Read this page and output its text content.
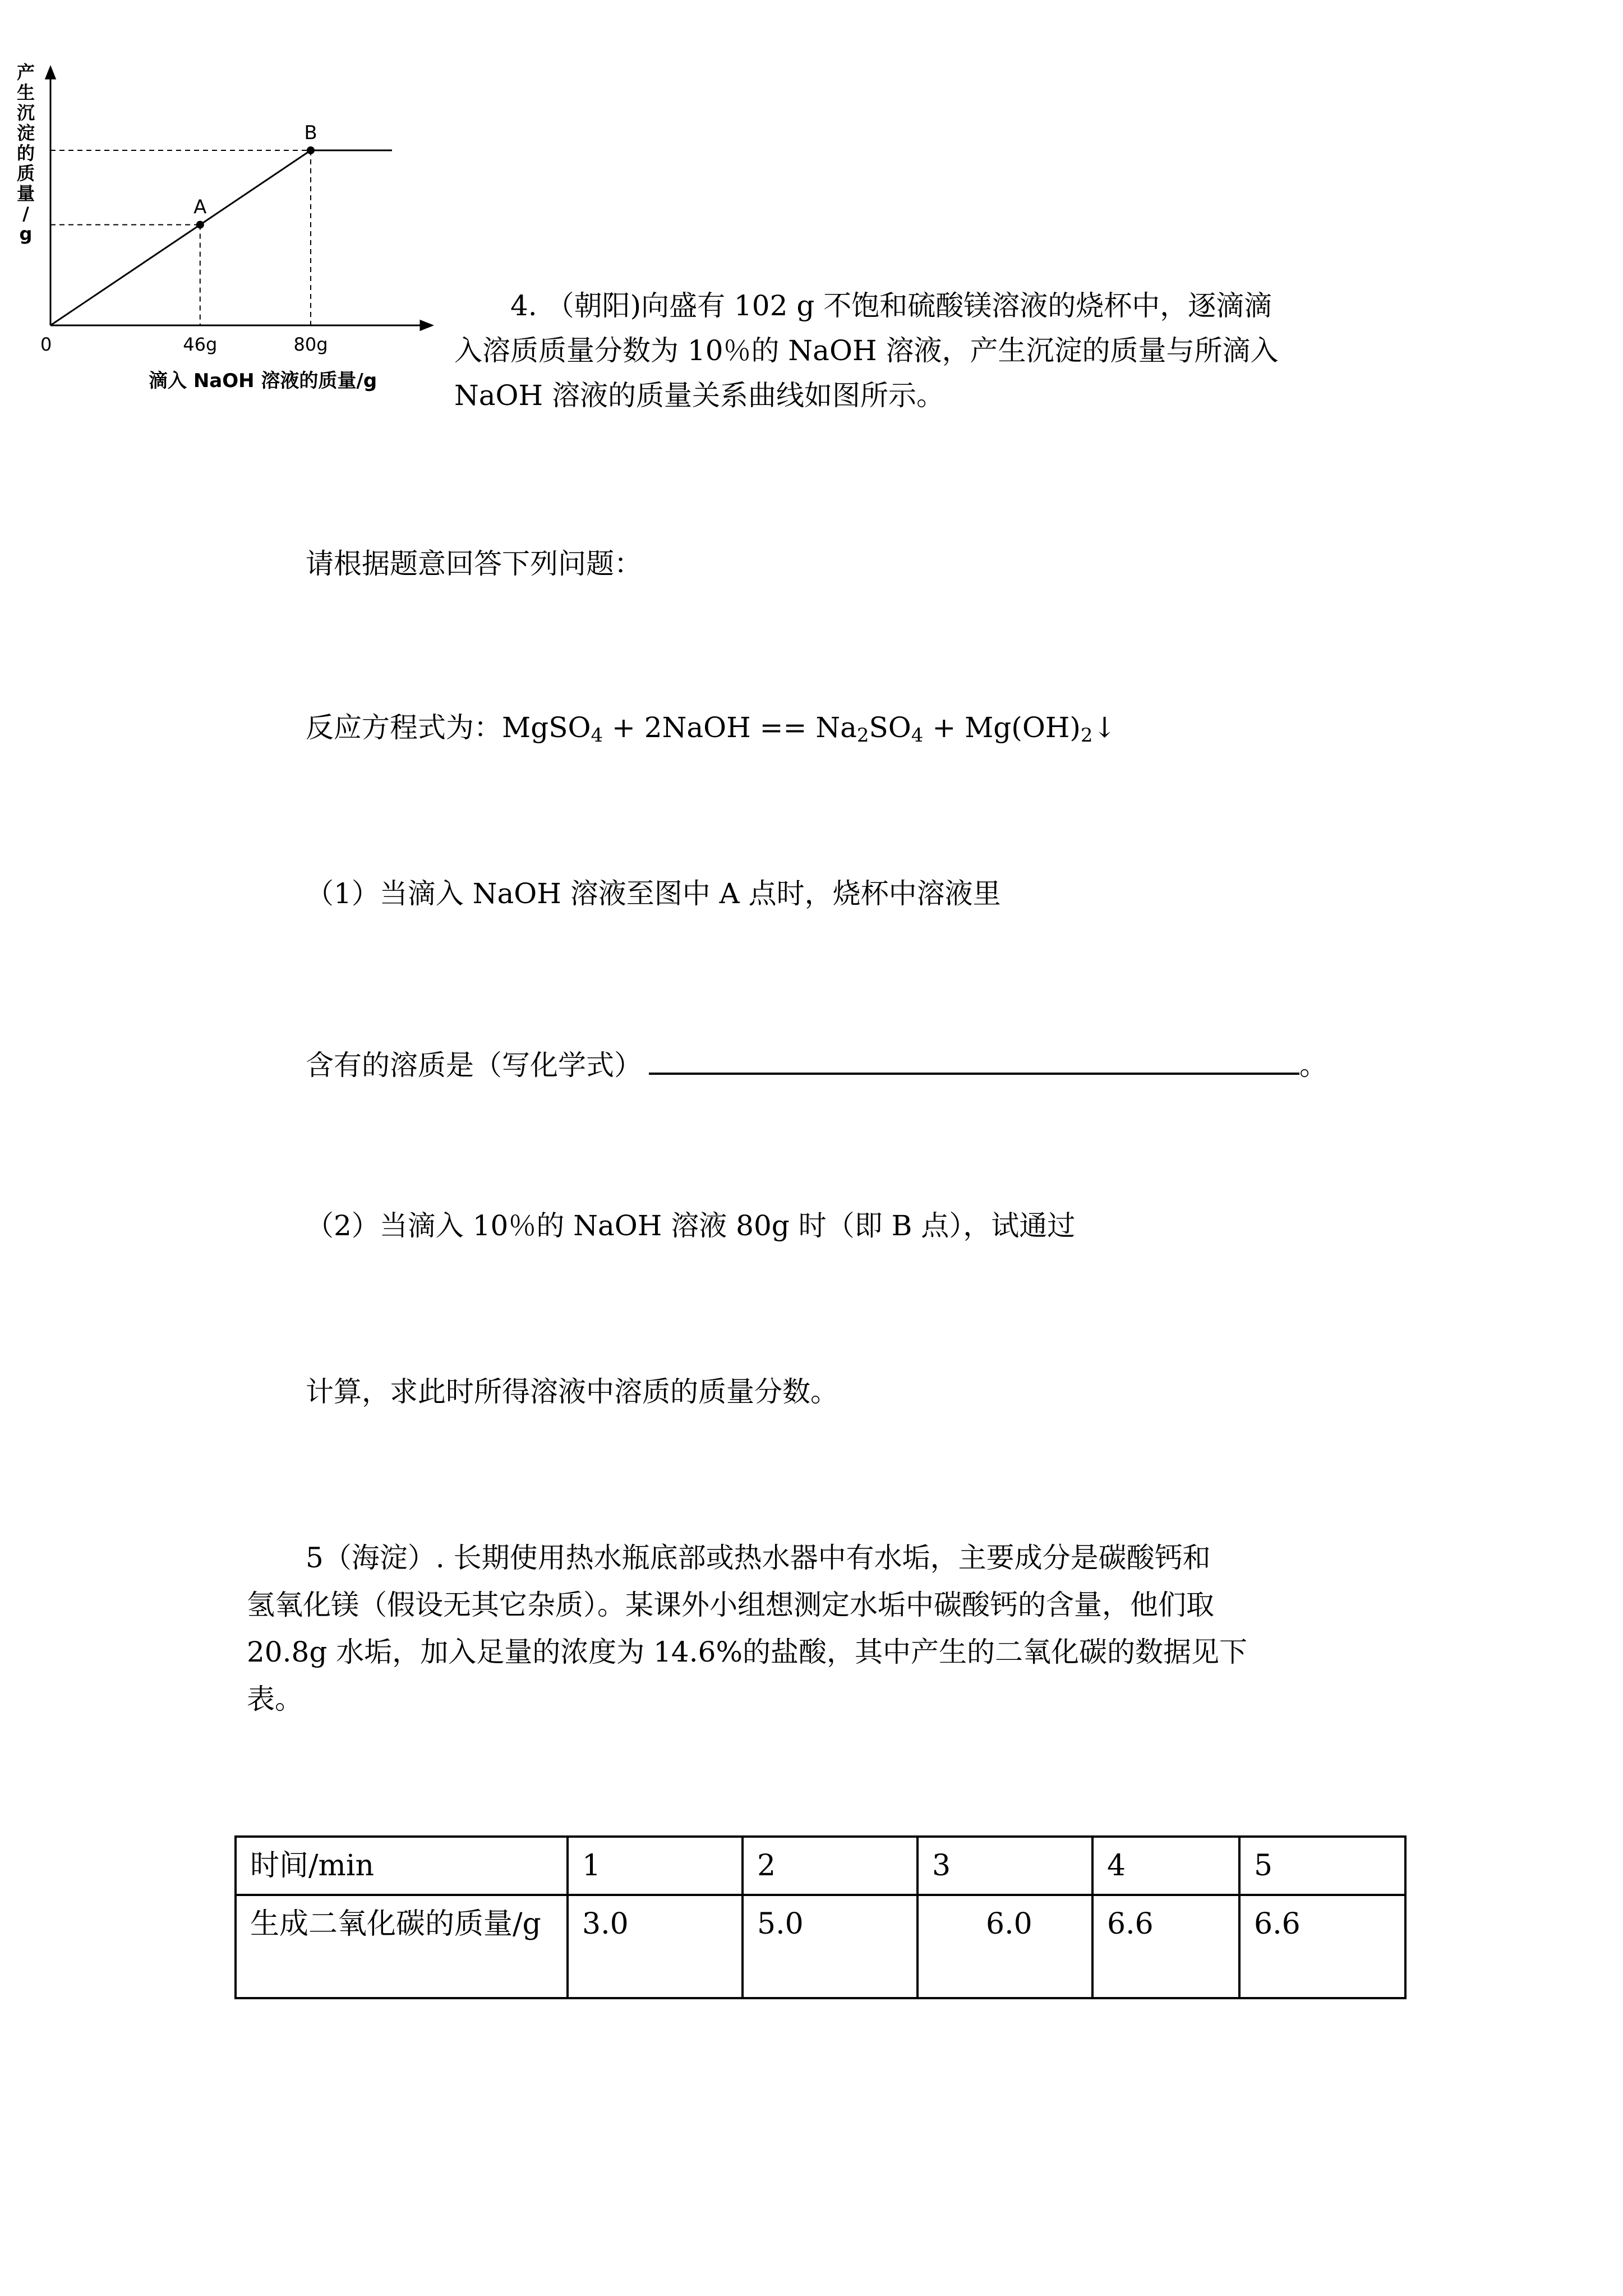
产
生
沉
淀
的
质
量
/
g
0	46g	80g
A
B
滴入 NaOH 溶液的质量/g
4. （朝阳)向盛有 102 g 不饱和硫酸镁溶液的烧杯中，逐滴滴
入溶质质量分数为 10％的 NaOH 溶液，产生沉淀的质量与所滴入
NaOH 溶液的质量关系曲线如图所示。
请根据题意回答下列问题：
反应方程式为：MgSO$_4$ + 2NaOH == $Na_2SO_4$ + $Mg(OH)_2↓$
（1）当滴入 NaOH 溶液至图中 A 点时，烧杯中溶液里
含有的溶质是（写化学式）	。
（2）当滴入 10％的 NaOH 溶液 80g 时（即 B 点），试通过
计算，求此时所得溶液中溶质的质量分数。
5（海淀）. 长期使用热水瓶底部或热水器中有水垢，主要成分是碳酸钙和
氢氧化镁（假设无其它杂质）。某课外小组想测定水垢中碳酸钙的含量，他们取
20.8g 水垢，加入足量的浓度为 14.6%的盐酸，其中产生的二氧化碳的数据见下
表。
时间/min	1	2	3	4	5
生成二氧化碳的质量/g	3.0	5.0	6.0	6.6	6.6
